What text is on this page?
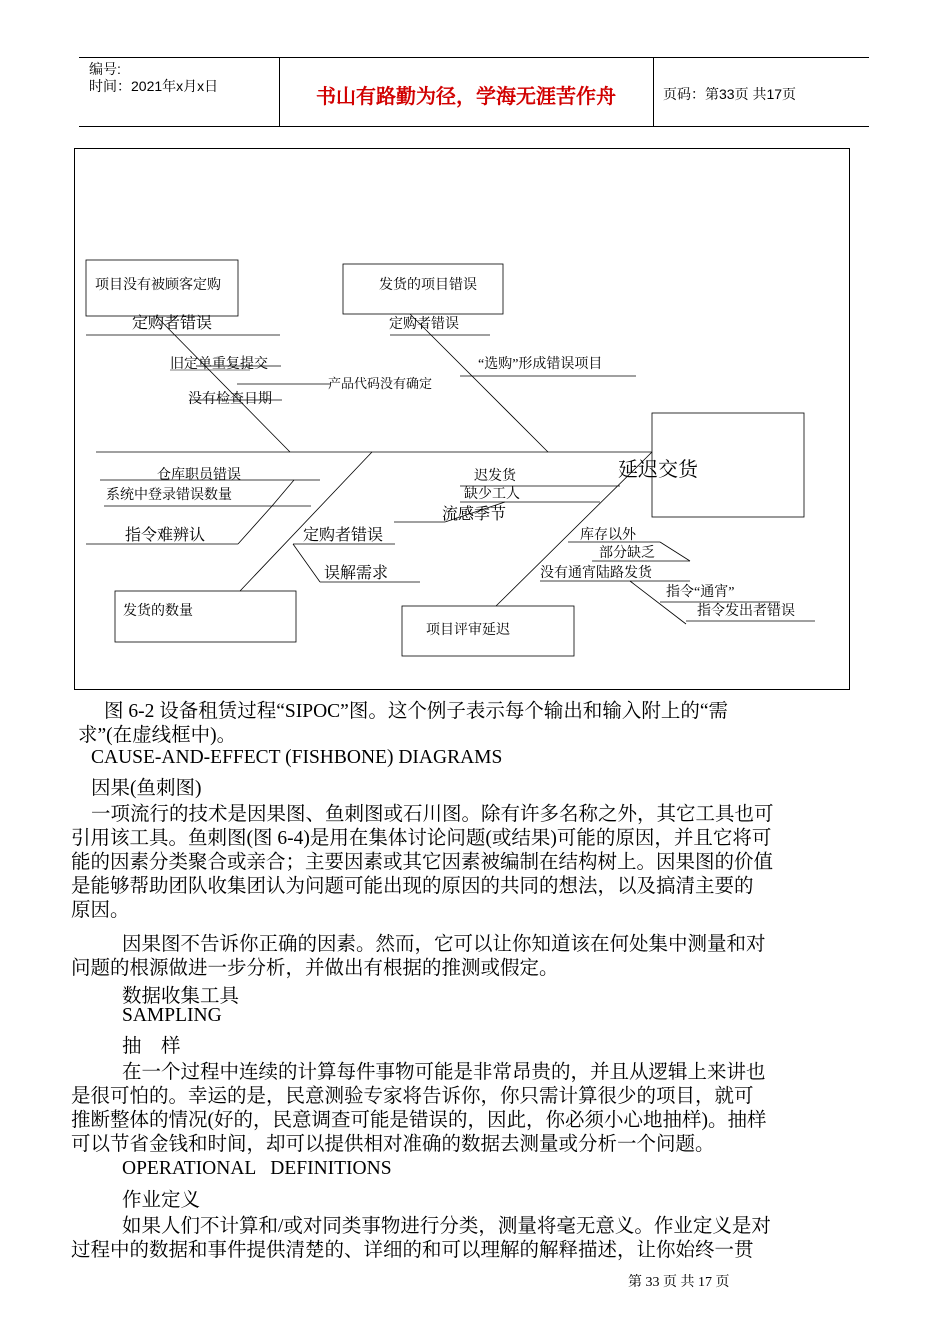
编号:
时间：2021年x月x日	书山有路勤为径，学海无涯苦作舟	页码：第33页 共17页
项目没有被顾客定购	发货的项目错误
延迟交货
发货的数量
项目评审延迟
定购者错误	定购者错误
旧定单重复提交
产品代码没有确定
没有检查日期
“选购”形成错误项目
仓库职员错误
系统中登录错误数量
指令难辨认	定购者错误
误解需求
迟发货
缺少工人
流感季节
库存以外
部分缺乏
没有通宵陆路发货
指令“通宵”
指令发出者错误
图 6-2 设备租赁过程“SIPOC”图。这个例子表示每个输出和输入附上的“需
求”(在虚线框中)。
CAUSE-AND-EFFECT (FISHBONE) DIAGRAMS
因果(鱼刺图)
一项流行的技术是因果图、鱼刺图或石川图。除有许多名称之外，其它工具也可
引用该工具。鱼刺图(图 6-4)是用在集体讨论问题(或结果)可能的原因，并且它将可
能的因素分类聚合或亲合；主要因素或其它因素被编制在结构树上。因果图的价值
是能够帮助团队收集团认为问题可能出现的原因的共同的想法，以及搞清主要的
原因。
因果图不告诉你正确的因素。然而，它可以让你知道该在何处集中测量和对
问题的根源做进一步分析，并做出有根据的推测或假定。
数据收集工具
SAMPLING
抽    样
在一个过程中连续的计算每件事物可能是非常昂贵的，并且从逻辑上来讲也
是很可怕的。幸运的是，民意测验专家将告诉你，你只需计算很少的项目，就可
推断整体的情况(好的，民意调查可能是错误的，因此，你必须小心地抽样)。抽样
可以节省金钱和时间，却可以提供相对准确的数据去测量或分析一个问题。
OPERATIONAL   DEFINITIONS
作业定义
如果人们不计算和/或对同类事物进行分类，测量将毫无意义。作业定义是对
过程中的数据和事件提供清楚的、详细的和可以理解的解释描述，让你始终一贯
第 33 页 共 17 页
